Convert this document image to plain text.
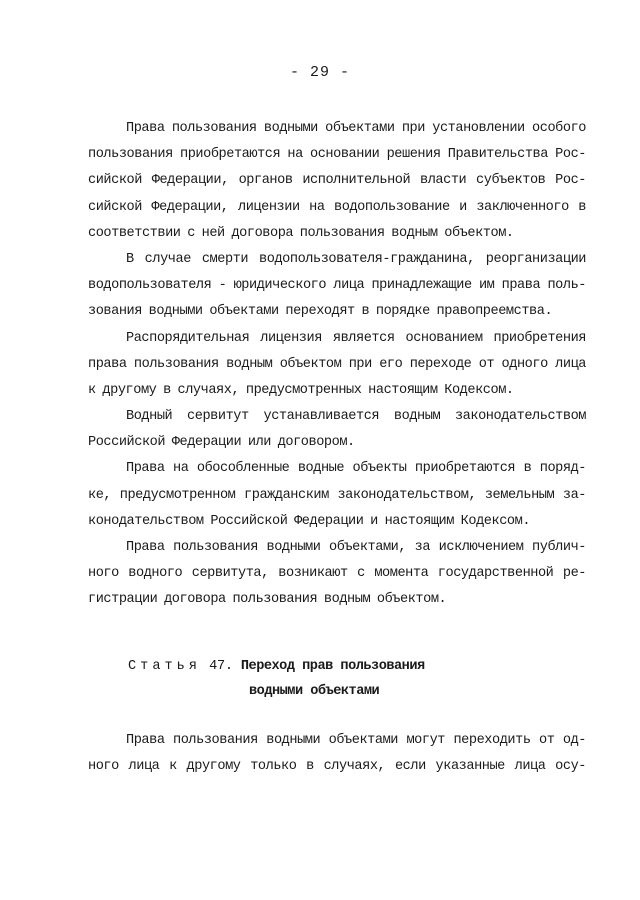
- 29 -
Права пользования водными объектами при установлении особого
пользования приобретаются на основании решения Правительства Рос-
сийской Федерации, органов исполнительной власти субъектов Рос-
сийской Федерации, лицензии на водопользование и заключенного в
соответствии с ней договора пользования водным объектом.
В случае смерти водопользователя-гражданина, реорганизации
водопользователя - юридического лица принадлежащие им права поль-
зования водными объектами переходят в порядке правопреемства.
Распорядительная лицензия является основанием приобретения
права пользования водным объектом при его переходе от одного лица
к другому в случаях, предусмотренных настоящим Кодексом.
Водный сервитут устанавливается водным законодательством
Российской Федерации или договором.
Права на обособленные водные объекты приобретаются в поряд-
ке, предусмотренном гражданским законодательством, земельным за-
конодательством Российской Федерации и настоящим Кодексом.
Права пользования водными объектами, за исключением публич-
ного водного сервитута, возникают с момента государственной ре-
гистрации договора пользования водным объектом.
Статья 47. Переход прав пользования
водными объектами
Права пользования водными объектами могут переходить от од-
ного лица к другому только в случаях, если указанные лица осу-
